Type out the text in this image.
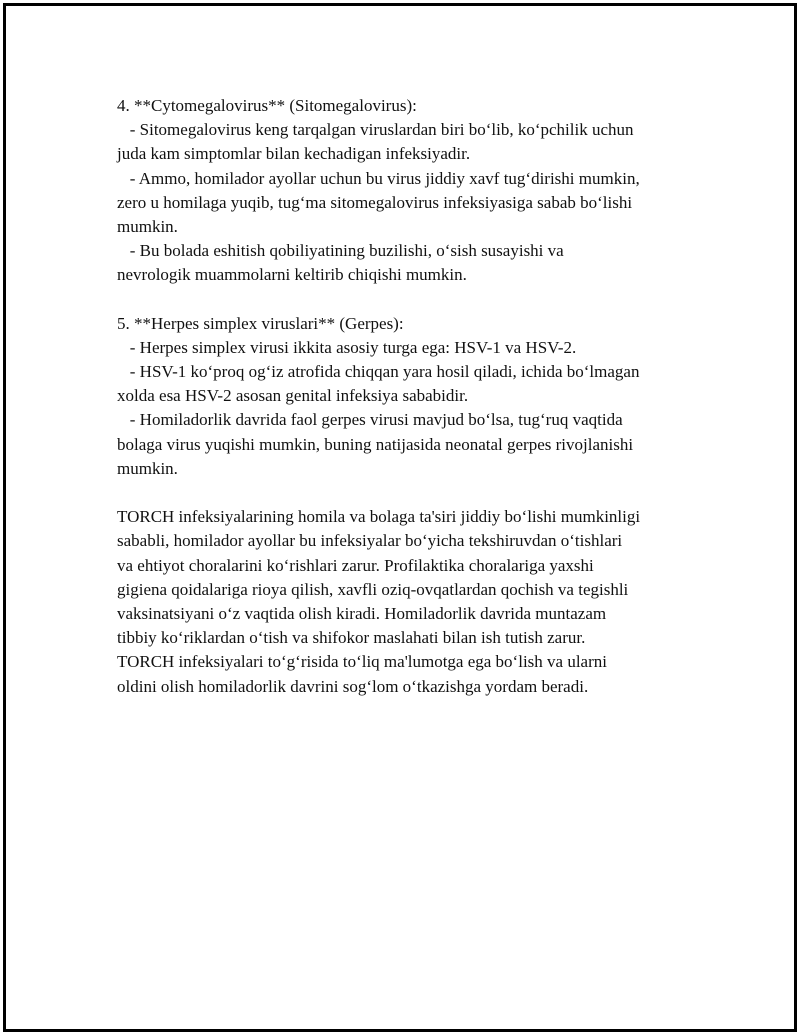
4. **Cytomegalovirus** (Sitomegalovirus):

- Sitomegalovirus keng tarqalgan viruslardan biri bo‘lib, ko‘pchilik uchun

juda kam simptomlar bilan kechadigan infeksiyadir.

- Ammo, homilador ayollar uchun bu virus jiddiy xavf tug‘dirishi mumkin,

zero u homilaga yuqib, tug‘ma sitomegalovirus infeksiyasiga sabab bo‘lishi

mumkin.

- Bu bolada eshitish qobiliyatining buzilishi, o‘sish susayishi va

nevrologik muammolarni keltirib chiqishi mumkin.

5. **Herpes simplex viruslari** (Gerpes):

- Herpes simplex virusi ikkita asosiy turga ega: HSV-1 va HSV-2.

- HSV-1 ko‘proq og‘iz atrofida chiqqan yara hosil qiladi, ichida bo‘lmagan

xolda esa HSV-2 asosan genital infeksiya sababidir.

- Homiladorlik davrida faol gerpes virusi mavjud bo‘lsa, tug‘ruq vaqtida

bolaga virus yuqishi mumkin, buning natijasida neonatal gerpes rivojlanishi

mumkin.

TORCH infeksiyalarining homila va bolaga ta'siri jiddiy bo‘lishi mumkinligi

sababli, homilador ayollar bu infeksiyalar bo‘yicha tekshiruvdan o‘tishlari

va ehtiyot choralarini ko‘rishlari zarur. Profilaktika choralariga yaxshi

gigiena qoidalariga rioya qilish, xavfli oziq-ovqatlardan qochish va tegishli

vaksinatsiyani o‘z vaqtida olish kiradi. Homiladorlik davrida muntazam

tibbiy ko‘riklardan o‘tish va shifokor maslahati bilan ish tutish zarur.

TORCH infeksiyalari to‘g‘risida to‘liq ma'lumotga ega bo‘lish va ularni

oldini olish homiladorlik davrini sog‘lom o‘tkazishga yordam beradi.
